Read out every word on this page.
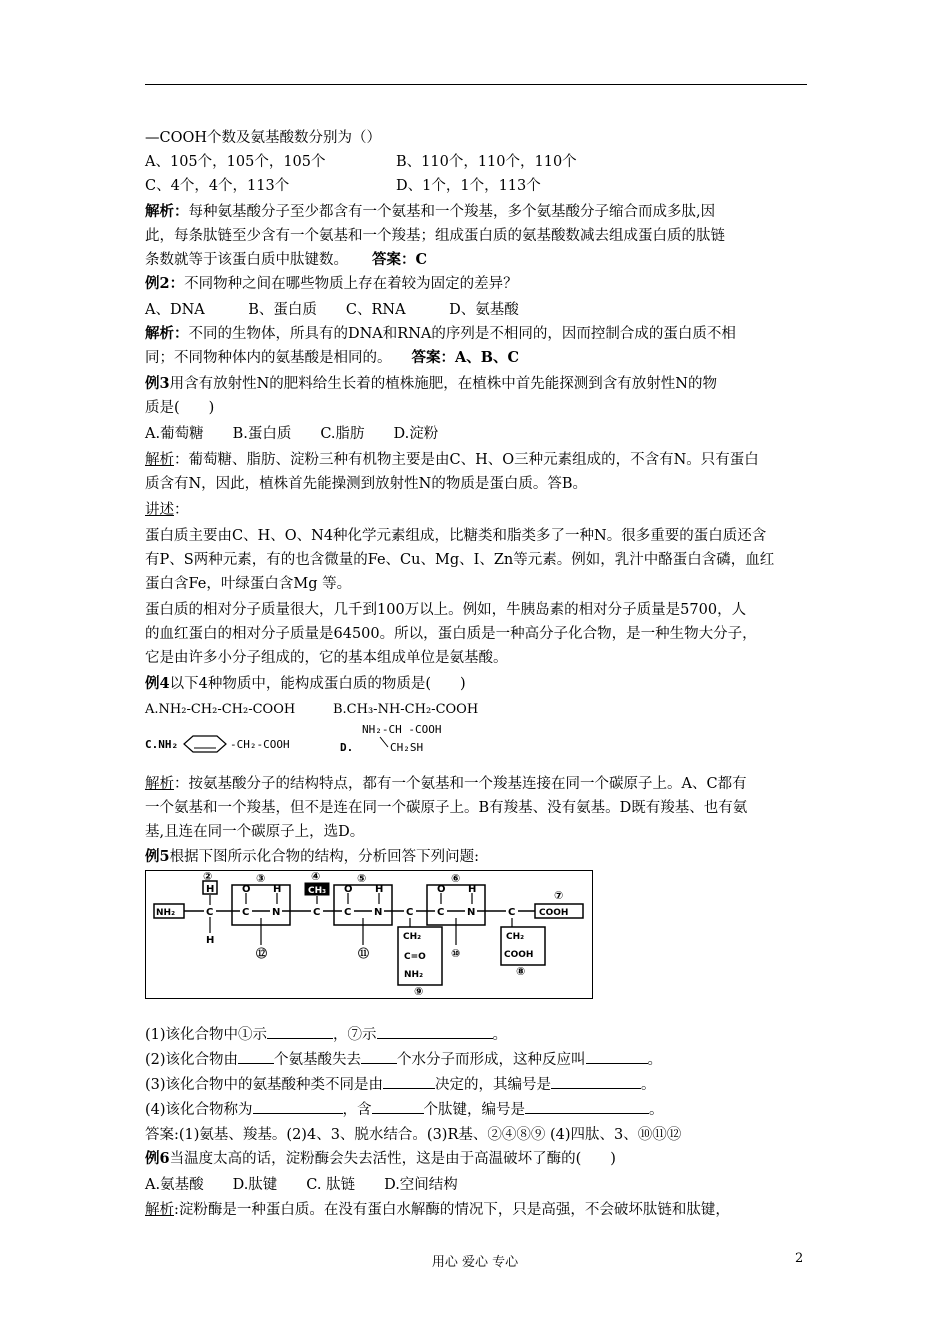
—COOH个数及氨基酸数分别为（）
A、105个，105个，105个	B、110个，110个，110个
C、4个，4个，113个	D、1个，1个，113个
解析：每种氨基酸分子至少都含有一个氨基和一个羧基，多个氨基酸分子缩合而成多肽,因
此，每条肽链至少含有一个氨基和一个羧基；组成蛋白质的氨基酸数减去组成蛋白质的肽链
条数就等于该蛋白质中肽键数。 答案：C
例2：不同物种之间在哪些物质上存在着较为固定的差异？
A、DNA　　　B、蛋白质　　C、RNA　　　D、氨基酸
解析：不同的生物体，所具有的DNA和RNA的序列是不相同的，因而控制合成的蛋白质不相
同；不同物种体内的氨基酸是相同的。 答案：A、B、C
例3用含有放射性N的肥料给生长着的植株施肥，在植株中首先能探测到含有放射性N的物
质是(　　)
A.葡萄糖　　B.蛋白质　　C.脂肪　　D.淀粉
解析：葡萄糖、脂肪、淀粉三种有机物主要是由C、H、O三种元素组成的，不含有N。只有蛋白
质含有N，因此，植株首先能操测到放射性N的物质是蛋白质。答B。
讲述：
蛋白质主要由C、H、O、N4种化学元素组成，比糖类和脂类多了一种N。很多重要的蛋白质还含
有P、S两种元素，有的也含微量的Fe、Cu、Mg、I、Zn等元素。例如，乳汁中酪蛋白含磷，血红
蛋白含Fe，叶绿蛋白含Mg 等。
蛋白质的相对分子质量很大，几千到100万以上。例如，牛胰岛素的相对分子质量是5700，人
的血红蛋白的相对分子质量是64500。所以，蛋白质是一种高分子化合物，是一种生物大分子，
它是由许多小分子组成的，它的基本组成单位是氨基酸。
例4以下4种物质中，能构成蛋白质的物质是(　　)
A.NH₂-CH₂-CH₂-COOH	B.CH₃-NH-CH₂-COOH
C.NH₂	-CH₂-COOH
NH₂-CH -COOH
D.	CH₂SH
解析：按氨基酸分子的结构特点，都有一个氨基和一个羧基连接在同一个碳原子上。A、C都有
一个氨基和一个羧基，但不是连在同一个碳原子上。B有羧基、没有氨基。D既有羧基、也有氨
基,且连在同一个碳原子上，选D。
例5根据下图所示化合物的结构，分析回答下列问题:
C	C N	C C N C C N	C
H	O H	O H	O H
CH₃
H
NH₂	COOH
CH₂
C=O
NH₂
CH₂
COOH
②	③	④	⑤	⑥
⑦
⑫	⑪	⑩
⑧
⑨
(1)该化合物中①示	，⑦示	。
(2)该化合物由 个氨基酸失去 个水分子而形成，这种反应叫	。
(3)该化合物中的氨基酸种类不同是由	决定的，其编号是	。
(4)该化合物称为	，含	个肽键，编号是	。
答案:(1)氨基、羧基。(2)4、3、脱水结合。(3)R基、②④⑧⑨ (4)四肽、3、⑩⑪⑫
例6当温度太高的话，淀粉酶会失去活性，这是由于高温破坏了酶的(　　)
A.氨基酸　　D.肽键　　C. 肽链　　D.空间结构
解析:淀粉酶是一种蛋白质。在没有蛋白水解酶的情况下，只是高强，不会破坏肽链和肽键，
用心 爱心 专心	2
